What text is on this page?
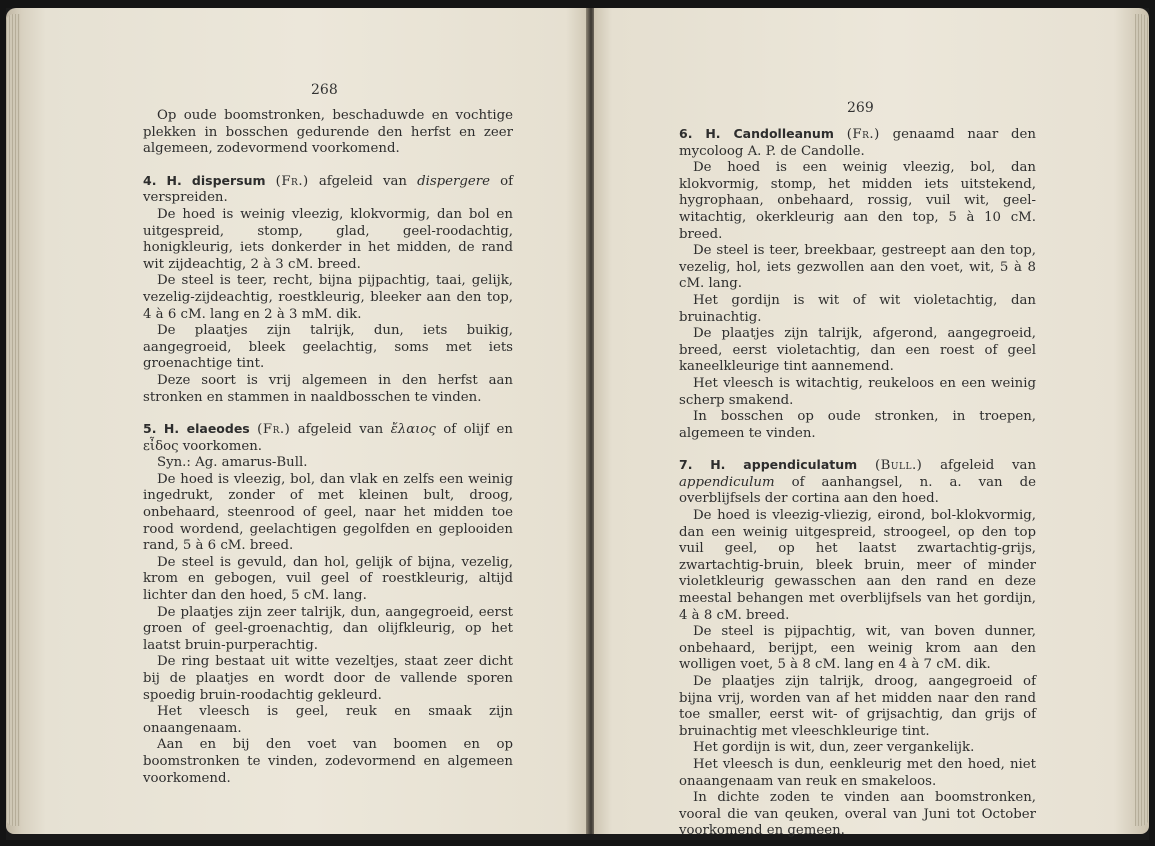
268

Op oude boomstronken, beschaduwde en vochtige plekken in bosschen gedurende den herfst en zeer algemeen, zodevormend voorkomend.

4. H. dispersum (Fr.) afgeleid van dispergere of verspreiden.

De hoed is weinig vleezig, klokvormig, dan bol en uitgespreid, stomp, glad, geel-roodachtig, honigkleurig, iets donkerder in het midden, de rand wit zijdeachtig, 2 à 3 cM. breed.

De steel is teer, recht, bijna pijpachtig, taai, gelijk, vezelig-zijdeachtig, roestkleurig, bleeker aan den top, 4 à 6 cM. lang en 2 à 3 mM. dik.

De plaatjes zijn talrijk, dun, iets buikig, aangegroeid, bleek geelachtig, soms met iets groenachtige tint.

Deze soort is vrij algemeen in den herfst aan stronken en stammen in naaldbosschen te vinden.

5. H. elaeodes (Fr.) afgeleid van ἔλαιος of olijf en εἶδος voorkomen.

Syn.: Ag. amarus-Bull.

De hoed is vleezig, bol, dan vlak en zelfs een weinig ingedrukt, zonder of met kleinen bult, droog, onbehaard, steenrood of geel, naar het midden toe rood wordend, geelachtigen gegolfden en geplooiden rand, 5 à 6 cM. breed.

De steel is gevuld, dan hol, gelijk of bijna, vezelig, krom en gebogen, vuil geel of roestkleurig, altijd lichter dan den hoed, 5 cM. lang.

De plaatjes zijn zeer talrijk, dun, aangegroeid, eerst groen of geel-groenachtig, dan olijfkleurig, op het laatst bruin-purperachtig.

De ring bestaat uit witte vezeltjes, staat zeer dicht bij de plaatjes en wordt door de vallende sporen spoedig bruin-roodachtig gekleurd.

Het vleesch is geel, reuk en smaak zijn onaangenaam.

Aan en bij den voet van boomen en op boomstronken te vinden, zodevormend en algemeen voorkomend.

269

6. H. Candolleanum (Fr.) genaamd naar den mycoloog A. P. de Candolle.

De hoed is een weinig vleezig, bol, dan klokvormig, stomp, het midden iets uitstekend, hygrophaan, onbehaard, rossig, vuil wit, geel-witachtig, okerkleurig aan den top, 5 à 10 cM. breed.

De steel is teer, breekbaar, gestreept aan den top, vezelig, hol, iets gezwollen aan den voet, wit, 5 à 8 cM. lang.

Het gordijn is wit of wit violetachtig, dan bruinachtig.

De plaatjes zijn talrijk, afgerond, aangegroeid, breed, eerst violetachtig, dan een roest of geel kaneelkleurige tint aannemend.

Het vleesch is witachtig, reukeloos en een weinig scherp smakend.

In bosschen op oude stronken, in troepen, algemeen te vinden.

7. H. appendiculatum (Bull.) afgeleid van appendiculum of aanhangsel, n. a. van de overblijfsels der cortina aan den hoed.

De hoed is vleezig-vliezig, eirond, bol-klokvormig, dan een weinig uitgespreid, stroogeel, op den top vuil geel, op het laatst zwartachtig-grijs, zwartachtig-bruin, bleek bruin, meer of minder violetkleurig gewasschen aan den rand en deze meestal behangen met overblijfsels van het gordijn, 4 à 8 cM. breed.

De steel is pijpachtig, wit, van boven dunner, onbehaard, berijpt, een weinig krom aan den wolligen voet, 5 à 8 cM. lang en 4 à 7 cM. dik.

De plaatjes zijn talrijk, droog, aangegroeid of bijna vrij, worden van af het midden naar den rand toe smaller, eerst wit- of grijsachtig, dan grijs of bruinachtig met vleeschkleurige tint.

Het gordijn is wit, dun, zeer vergankelijk.

Het vleesch is dun, eenkleurig met den hoed, niet onaangenaam van reuk en smakeloos.

In dichte zoden te vinden aan boomstronken, vooral die van qeuken, overal van Juni tot October voorkomend en gemeen.
